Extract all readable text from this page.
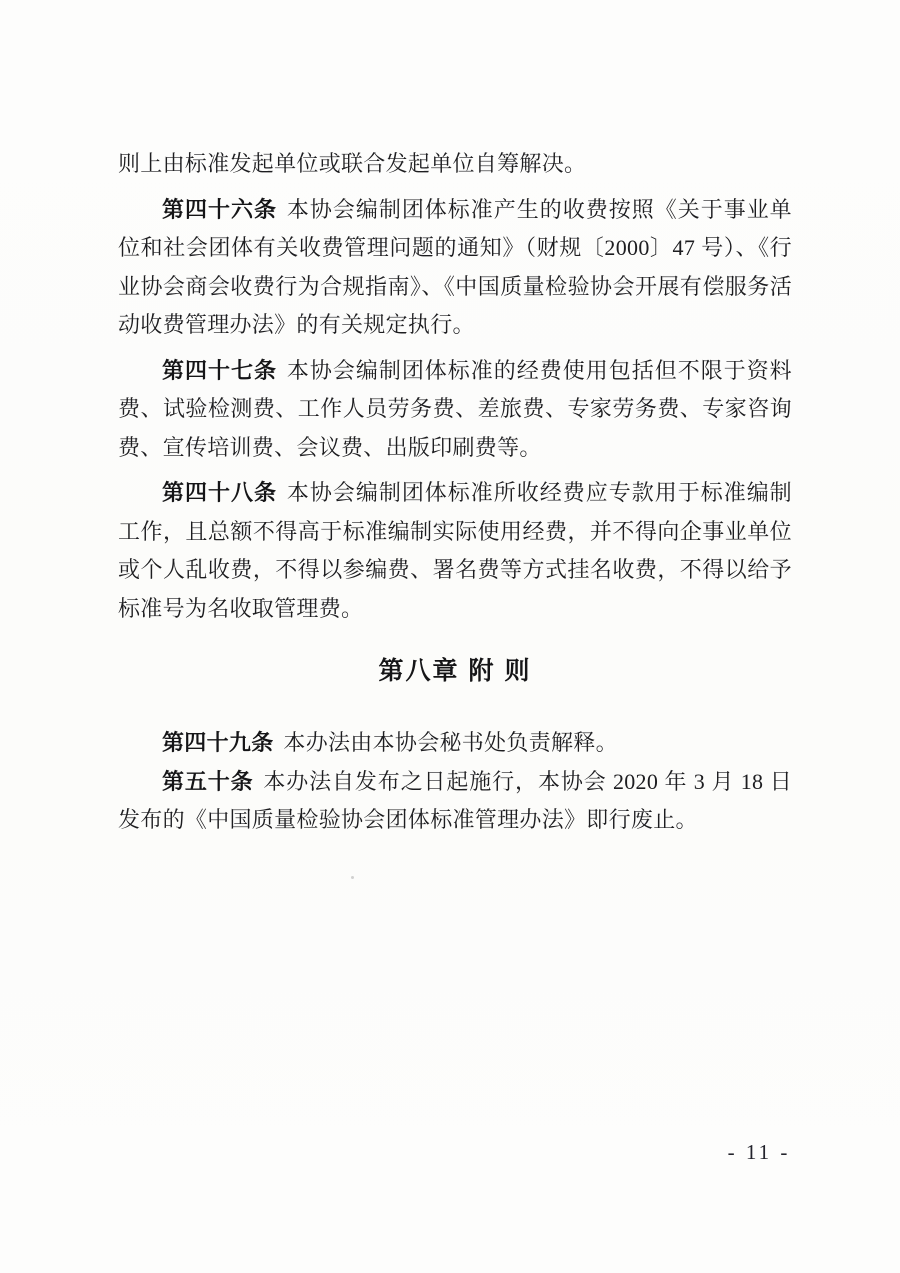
则上由标准发起单位或联合发起单位自筹解决。

第四十六条 本协会编制团体标准产生的收费按照《关于事业单位和社会团体有关收费管理问题的通知》（财规〔2000〕47 号）、《行业协会商会收费行为合规指南》、《中国质量检验协会开展有偿服务活动收费管理办法》的有关规定执行。

第四十七条 本协会编制团体标准的经费使用包括但不限于资料费、试验检测费、工作人员劳务费、差旅费、专家劳务费、专家咨询费、宣传培训费、会议费、出版印刷费等。

第四十八条 本协会编制团体标准所收经费应专款用于标准编制工作，且总额不得高于标准编制实际使用经费，并不得向企事业单位或个人乱收费，不得以参编费、署名费等方式挂名收费，不得以给予标准号为名收取管理费。

第八章 附 则

第四十九条 本办法由本协会秘书处负责解释。

第五十条 本办法自发布之日起施行，本协会 2020 年 3 月 18 日发布的《中国质量检验协会团体标准管理办法》即行废止。

- 11 -
